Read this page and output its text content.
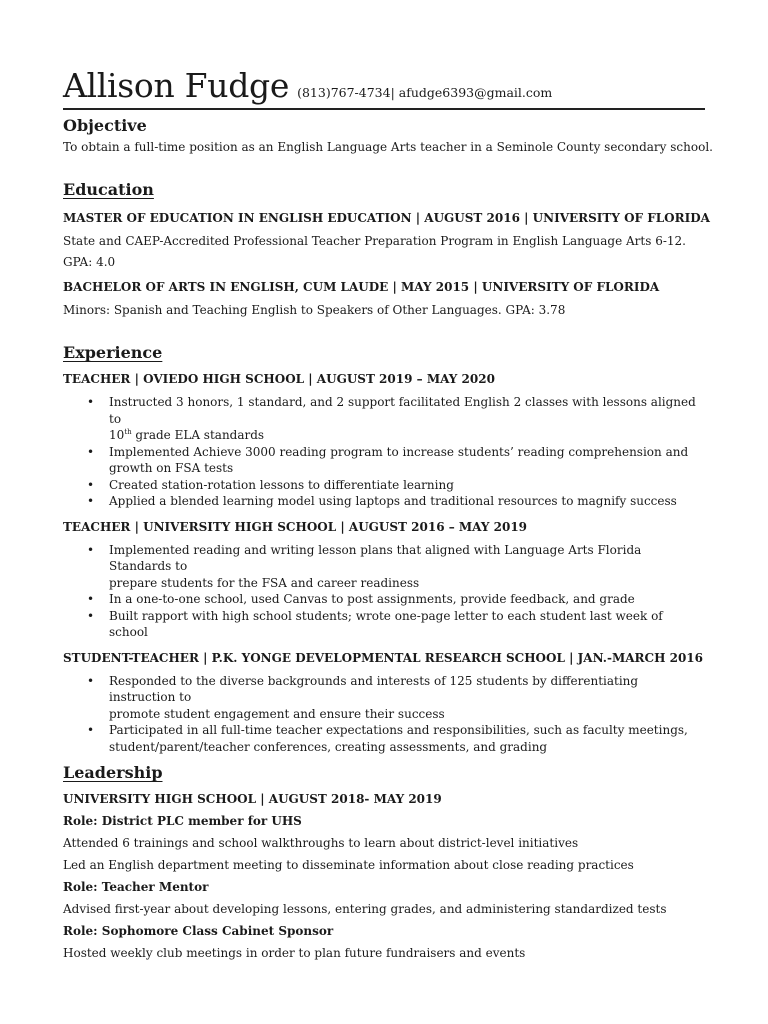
Allison Fudge (813)767-4734| afudge6393@gmail.com
Objective
To obtain a full-time position as an English Language Arts teacher in a Seminole County secondary school.
Education
MASTER OF EDUCATION IN ENGLISH EDUCATION | AUGUST 2016 | UNIVERSITY OF FLORIDA
State and CAEP-Accredited Professional Teacher Preparation Program in English Language Arts 6-12.
GPA: 4.0
BACHELOR OF ARTS IN ENGLISH, CUM LAUDE | MAY 2015 | UNIVERSITY OF FLORIDA
Minors: Spanish and Teaching English to Speakers of Other Languages. GPA: 3.78
Experience
TEACHER | OVIEDO HIGH SCHOOL | AUGUST 2019 – MAY 2020
• Instructed 3 honors, 1 standard, and 2 support facilitated English 2 classes with lessons aligned to
10th grade ELA standards
• Implemented Achieve 3000 reading program to increase students’ reading comprehension and
growth on FSA tests
• Created station-rotation lessons to differentiate learning
• Applied a blended learning model using laptops and traditional resources to magnify success
TEACHER | UNIVERSITY HIGH SCHOOL | AUGUST 2016 – MAY 2019
• Implemented reading and writing lesson plans that aligned with Language Arts Florida Standards to
prepare students for the FSA and career readiness
• In a one-to-one school, used Canvas to post assignments, provide feedback, and grade
• Built rapport with high school students; wrote one-page letter to each student last week of school
STUDENT-TEACHER | P.K. YONGE DEVELOPMENTAL RESEARCH SCHOOL | JAN.-MARCH 2016
• Responded to the diverse backgrounds and interests of 125 students by differentiating instruction to
promote student engagement and ensure their success
• Participated in all full-time teacher expectations and responsibilities, such as faculty meetings,
student/parent/teacher conferences, creating assessments, and grading
Leadership
UNIVERSITY HIGH SCHOOL | AUGUST 2018- MAY 2019
Role: District PLC member for UHS
Attended 6 trainings and school walkthroughs to learn about district-level initiatives
Led an English department meeting to disseminate information about close reading practices
Role: Teacher Mentor
Advised first-year about developing lessons, entering grades, and administering standardized tests
Role: Sophomore Class Cabinet Sponsor
Hosted weekly club meetings in order to plan future fundraisers and events
